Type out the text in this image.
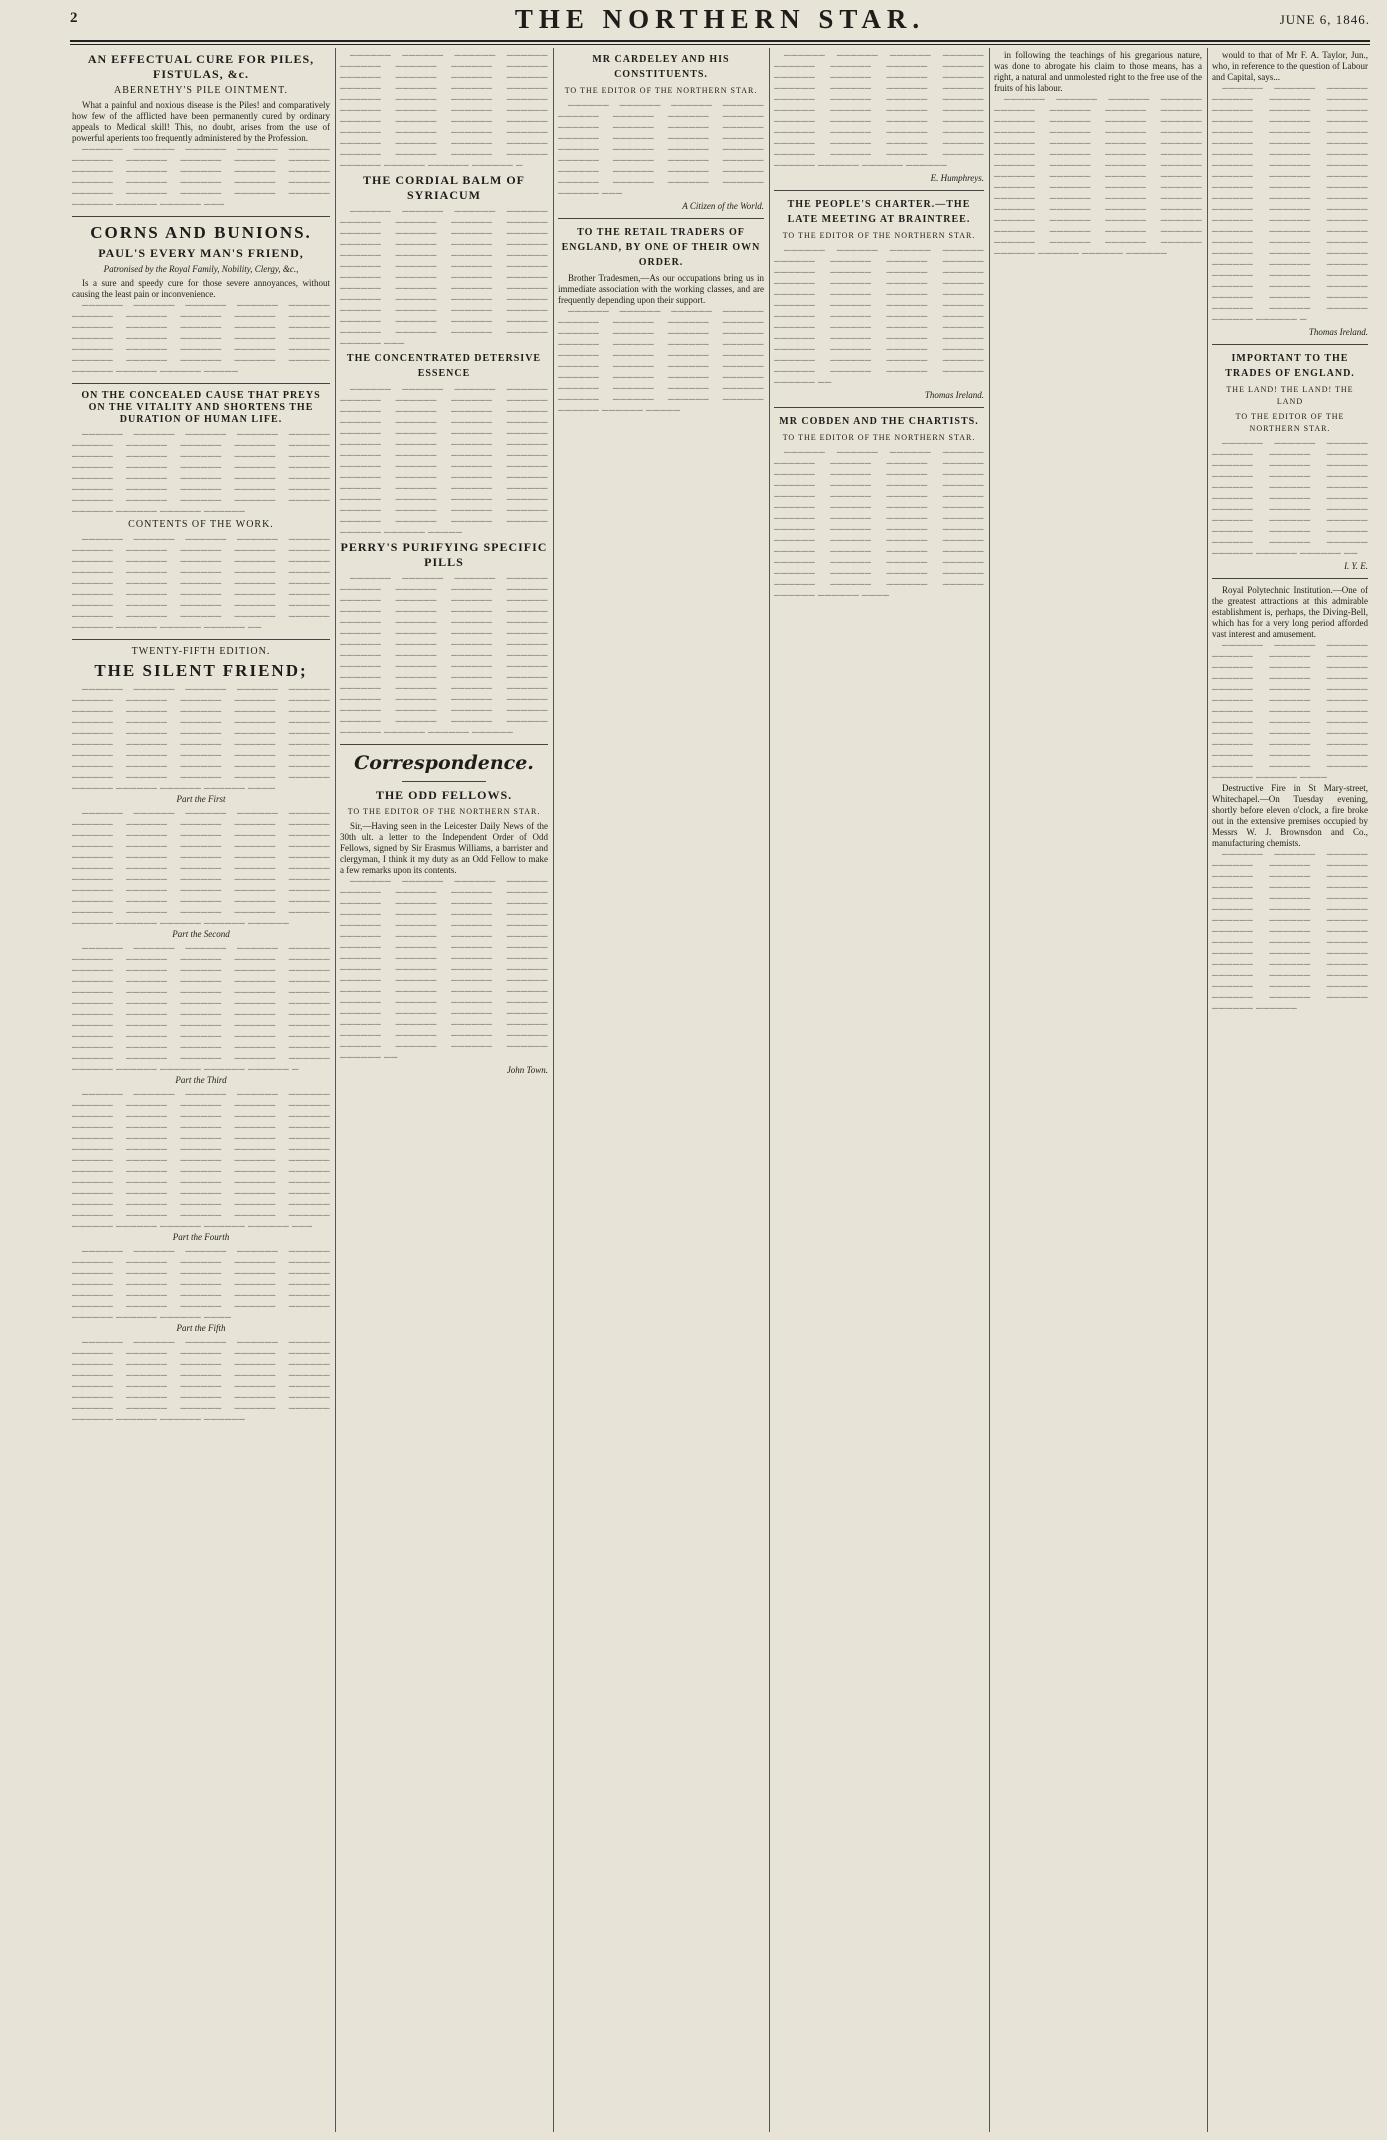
2	THE NORTHERN STAR.	JUNE 6, 1846.
AN EFFECTUAL CURE FOR PILES, FISTULAS, &c.
ABERNETHY'S PILE OINTMENT.

What a painful and noxious disease is the Piles! and comparatively how few of the afflicted have been permanently cured by ordinary appeals to Medical skill! This, no doubt, arises from the use of powerful aperients too frequently administered by the Profession.

────── ────── ────── ────── ────── ────── ────── ────── ────── ────── ────── ────── ────── ────── ────── ────── ────── ────── ────── ────── ────── ────── ────── ────── ────── ────── ────── ────── ───

CORNS AND BUNIONS.
PAUL'S EVERY MAN'S FRIEND,
Patronised by the Royal Family, Nobility, Clergy, &c.,

Is a sure and speedy cure for those severe annoyances, without causing the least pain or inconvenience.

────── ────── ────── ────── ────── ────── ────── ────── ────── ────── ────── ────── ────── ────── ────── ────── ────── ────── ────── ────── ────── ────── ────── ────── ────── ────── ────── ────── ────── ────── ────── ────── ────── ─────

ON THE CONCEALED CAUSE THAT PREYS ON THE VITALITY AND SHORTENS THE DURATION OF HUMAN LIFE.

────── ────── ────── ────── ────── ────── ────── ────── ────── ────── ────── ────── ────── ────── ────── ────── ────── ────── ────── ────── ────── ────── ────── ────── ────── ────── ────── ────── ────── ────── ────── ────── ────── ────── ────── ────── ────── ────── ──────

CONTENTS OF THE WORK.

────── ────── ────── ────── ────── ────── ────── ────── ────── ────── ────── ────── ────── ────── ────── ────── ────── ────── ────── ────── ────── ────── ────── ────── ────── ────── ────── ────── ────── ────── ────── ────── ────── ────── ────── ────── ────── ────── ────── ────── ────── ────── ────── ────── ──

TWENTY-FIFTH EDITION.
THE SILENT FRIEND;

────── ────── ────── ────── ────── ────── ────── ────── ────── ────── ────── ────── ────── ────── ────── ────── ────── ────── ────── ────── ────── ────── ────── ────── ────── ────── ────── ────── ────── ────── ────── ────── ────── ────── ────── ────── ────── ────── ────── ────── ────── ────── ────── ────── ────── ────── ────── ────── ────── ────

Part the First

────── ────── ────── ────── ────── ────── ────── ────── ────── ────── ────── ────── ────── ────── ────── ────── ────── ────── ────── ────── ────── ────── ────── ────── ────── ────── ────── ────── ────── ────── ────── ────── ────── ────── ────── ────── ────── ────── ────── ────── ────── ────── ────── ────── ────── ────── ────── ────── ────── ────── ────── ────── ────── ────── ──────

Part the Second

────── ────── ────── ────── ────── ────── ────── ────── ────── ────── ────── ────── ────── ────── ────── ────── ────── ────── ────── ────── ────── ────── ────── ────── ────── ────── ────── ────── ────── ────── ────── ────── ────── ────── ────── ────── ────── ────── ────── ────── ────── ────── ────── ────── ────── ────── ────── ────── ────── ────── ────── ────── ────── ────── ────── ────── ────── ────── ────── ────── ─

Part the Third

────── ────── ────── ────── ────── ────── ────── ────── ────── ────── ────── ────── ────── ────── ────── ────── ────── ────── ────── ────── ────── ────── ────── ────── ────── ────── ────── ────── ────── ────── ────── ────── ────── ────── ────── ────── ────── ────── ────── ────── ────── ────── ────── ────── ────── ────── ────── ────── ────── ────── ────── ────── ────── ────── ────── ────── ────── ────── ────── ────── ────── ────── ────── ────── ────── ───

Part the Fourth

────── ────── ────── ────── ────── ────── ────── ────── ────── ────── ────── ────── ────── ────── ────── ────── ────── ────── ────── ────── ────── ────── ────── ────── ────── ────── ────── ────── ────── ────── ────── ────── ────── ────

Part the Fifth

────── ────── ────── ────── ────── ────── ────── ────── ────── ────── ────── ────── ────── ────── ────── ────── ────── ────── ────── ────── ────── ────── ────── ────── ────── ────── ────── ────── ────── ────── ────── ────── ────── ────── ────── ────── ────── ────── ──────

────── ────── ────── ────── ────── ────── ────── ────── ────── ────── ────── ────── ────── ────── ────── ────── ────── ────── ────── ────── ────── ────── ────── ────── ────── ────── ────── ────── ────── ────── ────── ────── ────── ────── ────── ────── ────── ────── ────── ────── ────── ────── ────── ────── ─

THE CORDIAL BALM OF SYRIACUM

────── ────── ────── ────── ────── ────── ────── ────── ────── ────── ────── ────── ────── ────── ────── ────── ────── ────── ────── ────── ────── ────── ────── ────── ────── ────── ────── ────── ────── ────── ────── ────── ────── ────── ────── ────── ────── ────── ────── ────── ────── ────── ────── ────── ────── ────── ────── ────── ────── ───

THE CONCENTRATED DETERSIVE ESSENCE

────── ────── ────── ────── ────── ────── ────── ────── ────── ────── ────── ────── ────── ────── ────── ────── ────── ────── ────── ────── ────── ────── ────── ────── ────── ────── ────── ────── ────── ────── ────── ────── ────── ────── ────── ────── ────── ────── ────── ────── ────── ────── ────── ────── ────── ────── ────── ────── ────── ────── ────── ────── ────── ────── ─────

PERRY'S PURIFYING SPECIFIC PILLS

────── ────── ────── ────── ────── ────── ────── ────── ────── ────── ────── ────── ────── ────── ────── ────── ────── ────── ────── ────── ────── ────── ────── ────── ────── ────── ────── ────── ────── ────── ────── ────── ────── ────── ────── ────── ────── ────── ────── ────── ────── ────── ────── ────── ────── ────── ────── ────── ────── ────── ────── ────── ────── ────── ────── ────── ────── ────── ────── ──────

Correspondence.
THE ODD FELLOWS.
TO THE EDITOR OF THE NORTHERN STAR.

Sir,—Having seen in the Leicester Daily News of the 30th ult. a letter to the Independent Order of Odd Fellows, signed by Sir Erasmus Williams, a barrister and clergyman, I think it my duty as an Odd Fellow to make a few remarks upon its contents.

────── ────── ────── ────── ────── ────── ────── ────── ────── ────── ────── ────── ────── ────── ────── ────── ────── ────── ────── ────── ────── ────── ────── ────── ────── ────── ────── ────── ────── ────── ────── ────── ────── ────── ────── ────── ────── ────── ────── ────── ────── ────── ────── ────── ────── ────── ────── ────── ────── ────── ────── ────── ────── ────── ────── ────── ────── ────── ────── ────── ────── ────── ────── ────── ────── ──

John Town.
MR CARDELEY AND HIS CONSTITUENTS.
TO THE EDITOR OF THE NORTHERN STAR.

────── ────── ────── ────── ────── ────── ────── ────── ────── ────── ────── ────── ────── ────── ────── ────── ────── ────── ────── ────── ────── ────── ────── ────── ────── ────── ────── ────── ────── ────── ────── ────── ────── ───

A Citizen of the World.
TO THE RETAIL TRADERS OF ENGLAND, BY ONE OF THEIR OWN ORDER.

Brother Tradesmen,—As our occupations bring us in immediate association with the working classes, and are frequently depending upon their support.

────── ────── ────── ────── ────── ────── ────── ────── ────── ────── ────── ────── ────── ────── ────── ────── ────── ────── ────── ────── ────── ────── ────── ────── ────── ────── ────── ────── ────── ────── ────── ────── ────── ────── ────── ────── ────── ────── ─────

────── ────── ────── ────── ────── ────── ────── ────── ────── ────── ────── ────── ────── ────── ────── ────── ────── ────── ────── ────── ────── ────── ────── ────── ────── ────── ────── ────── ────── ────── ────── ────── ────── ────── ────── ────── ────── ────── ────── ────── ────── ────── ────── ──────

E. Humphreys.
THE PEOPLE'S CHARTER.—THE LATE MEETING AT BRAINTREE.
TO THE EDITOR OF THE NORTHERN STAR.

────── ────── ────── ────── ────── ────── ────── ────── ────── ────── ────── ────── ────── ────── ────── ────── ────── ────── ────── ────── ────── ────── ────── ────── ────── ────── ────── ────── ────── ────── ────── ────── ────── ────── ────── ────── ────── ────── ────── ────── ────── ────── ────── ────── ────── ────── ────── ────── ────── ──

Thomas Ireland.
MR COBDEN AND THE CHARTISTS.
TO THE EDITOR OF THE NORTHERN STAR.

────── ────── ────── ────── ────── ────── ────── ────── ────── ────── ────── ────── ────── ────── ────── ────── ────── ────── ────── ────── ────── ────── ────── ────── ────── ────── ────── ────── ────── ────── ────── ────── ────── ────── ────── ────── ────── ────── ────── ────── ────── ────── ────── ────── ────── ────── ────── ────── ────── ────── ────── ────── ────── ────── ────

in following the teachings of his gregarious nature, was done to abrogate his claim to those means, has a right, a natural and unmolested right to the free use of the fruits of his labour.

────── ────── ────── ────── ────── ────── ────── ────── ────── ────── ────── ────── ────── ────── ────── ────── ────── ────── ────── ────── ────── ────── ────── ────── ────── ────── ────── ────── ────── ────── ────── ────── ────── ────── ────── ────── ────── ────── ────── ────── ────── ────── ────── ────── ────── ────── ────── ────── ────── ────── ────── ────── ────── ────── ────── ────── ────── ────── ────── ──────

would to that of Mr F. A. Taylor, Jun., who, in reference to the question of Labour and Capital, says...

────── ────── ────── ────── ────── ────── ────── ────── ────── ────── ────── ────── ────── ────── ────── ────── ────── ────── ────── ────── ────── ────── ────── ────── ────── ────── ────── ────── ────── ────── ────── ────── ────── ────── ────── ────── ────── ────── ────── ────── ────── ────── ────── ────── ────── ────── ────── ────── ────── ────── ────── ────── ────── ────── ────── ────── ────── ────── ────── ────── ────── ────── ────── ────── ────── ─

Thomas Ireland.
IMPORTANT TO THE TRADES OF ENGLAND.
THE LAND! THE LAND! THE LAND
TO THE EDITOR OF THE NORTHERN STAR.

────── ────── ────── ────── ────── ────── ────── ────── ────── ────── ────── ────── ────── ────── ────── ────── ────── ────── ────── ────── ────── ────── ────── ────── ────── ────── ────── ────── ────── ────── ────── ────── ────── ──

I. Y. E.

Royal Polytechnic Institution.—One of the greatest attractions at this admirable establishment is, perhaps, the Diving-Bell, which has for a very long period afforded vast interest and amusement.

────── ────── ────── ────── ────── ────── ────── ────── ────── ────── ────── ────── ────── ────── ────── ────── ────── ────── ────── ────── ────── ────── ────── ────── ────── ────── ────── ────── ────── ────── ────── ────── ────── ────── ────── ────── ────── ────── ────

Destructive Fire in St Mary-street, Whitechapel.—On Tuesday evening, shortly before eleven o'clock, a fire broke out in the extensive premises occupied by Messrs W. J. Brownsdon and Co., manufacturing chemists.

────── ────── ────── ────── ────── ────── ────── ────── ────── ────── ────── ────── ────── ────── ────── ────── ────── ────── ────── ────── ────── ────── ────── ────── ────── ────── ────── ────── ────── ────── ────── ────── ────── ────── ────── ────── ────── ────── ────── ────── ────── ────── ────── ──────
